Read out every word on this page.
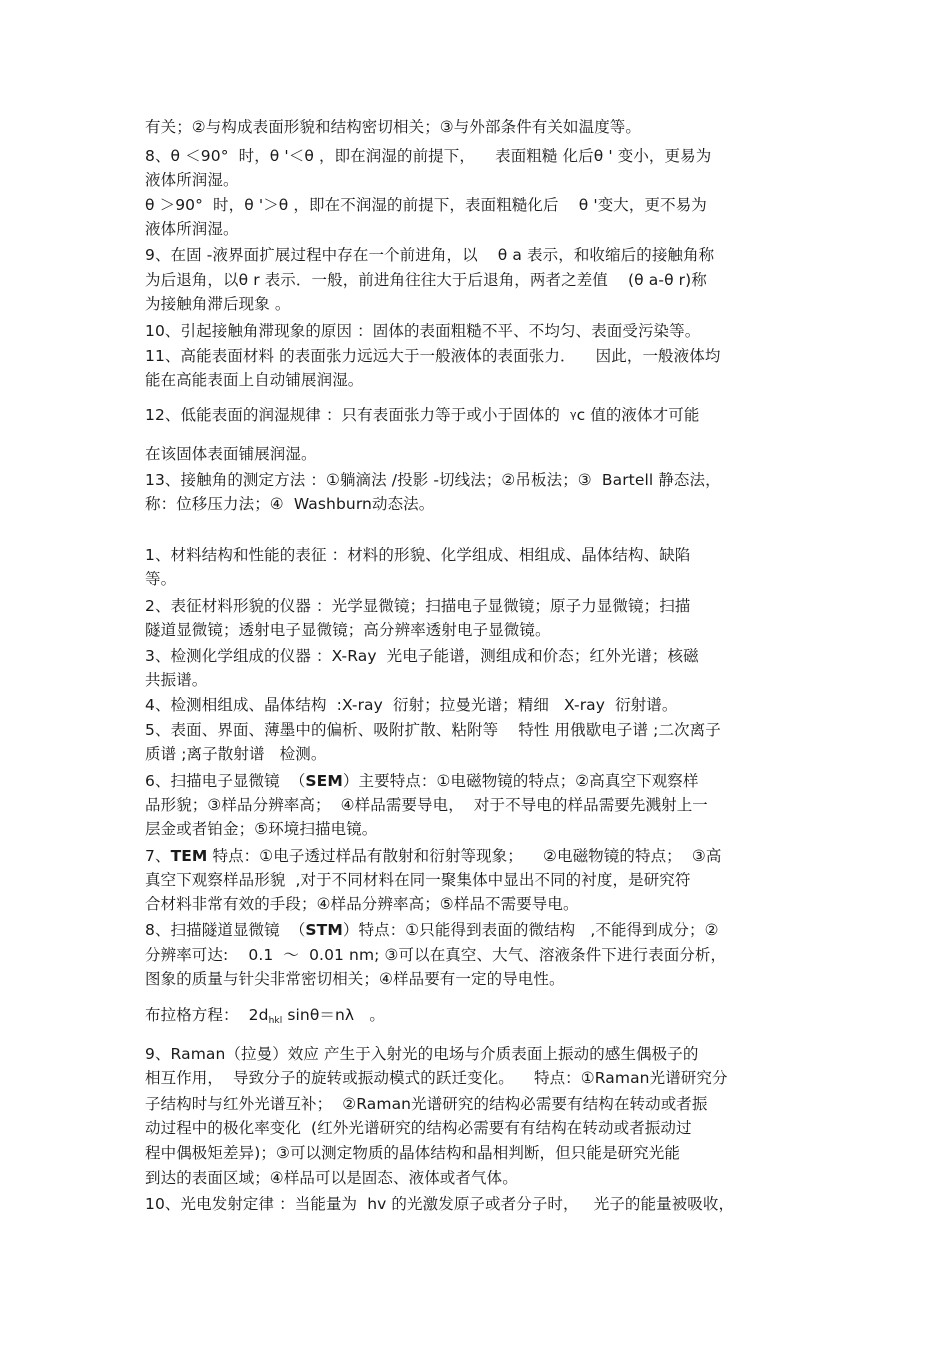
有关；②与构成表面形貌和结构密切相关；③与外部条件有关如温度等。
8、θ ＜90°  时，θ '＜θ ，即在润湿的前提下，    表面粗糙 化后θ ' 变小，更易为
液体所润湿。
θ ＞90°  时，θ '＞θ ，即在不润湿的前提下，表面粗糙化后    θ '变大，更不易为
液体所润湿。
9、在固 -液界面扩展过程中存在一个前进角，以    θ a 表示，和收缩后的接触角称
为后退角，以θ r 表示．一般，前进角往往大于后退角，两者之差值    (θ a-θ r)称
为接触角滞后现象 。
10、引起接触角滞现象的原因 ：固体的表面粗糙不平、不均匀、表面受污染等。
11、高能表面材料 的表面张力远远大于一般液体的表面张力．    因此，一般液体均
能在高能表面上自动铺展润湿。
12、低能表面的润湿规律 ：只有表面张力等于或小于固体的 γc 值的液体才可能
在该固体表面铺展润湿。
13、接触角的测定方法 ：①躺滴法 /投影 -切线法；②吊板法；③  Bartell 静态法，
称：位移压力法；④  Washburn动态法。
1、材料结构和性能的表征 ：材料的形貌、化学组成、相组成、晶体结构、缺陷
等。
2、表征材料形貌的仪器 ：光学显微镜；扫描电子显微镜；原子力显微镜；扫描
隧道显微镜；透射电子显微镜；高分辨率透射电子显微镜。
3、检测化学组成的仪器 ：X-Ray  光电子能谱，测组成和价态；红外光谱；核磁
共振谱。
4、检测相组成、晶体结构  :X-ray  衍射；拉曼光谱；精细   X-ray  衍射谱。
5、表面、界面、薄墨中的偏析、吸附扩散、粘附等    特性 用俄歇电子谱 ;二次离子
质谱 ;离子散射谱   检测。
6、扫描电子显微镜  （SEM）主要特点：①电磁物镜的特点；②高真空下观察样
品形貌；③样品分辨率高；  ④样品需要导电，  对于不导电的样品需要先溅射上一
层金或者铂金；⑤环境扫描电镜。
7、TEM 特点：①电子透过样品有散射和衍射等现象；    ②电磁物镜的特点；  ③高
真空下观察样品形貌  ,对于不同材料在同一聚集体中显出不同的衬度，是研究符
合材料非常有效的手段；④样品分辨率高；⑤样品不需要导电。
8、扫描隧道显微镜  （STM）特点：①只能得到表面的微结构   ,不能得到成分；②
分辨率可达:    0.1  ～  0.01 nm; ③可以在真空、大气、溶液条件下进行表面分析，
图象的质量与针尖非常密切相关；④样品要有一定的导电性。
布拉格方程： $2d_{hkl}$ sinθ＝nλ 。
9、Raman（拉曼）效应 产生于入射光的电场与介质表面上振动的感生偶极子的
相互作用，  导致分子的旋转或振动模式的跃迁变化。    特点：①Raman光谱研究分
子结构时与红外光谱互补；  ②Raman光谱研究的结构必需要有结构在转动或者振
动过程中的极化率变化  (红外光谱研究的结构必需要有有结构在转动或者振动过
程中偶极矩差异)；③可以测定物质的晶体结构和晶相判断，但只能是研究光能
到达的表面区域；④样品可以是固态、液体或者气体。
10、光电发射定律 ：当能量为  hv 的光激发原子或者分子时，   光子的能量被吸收，
